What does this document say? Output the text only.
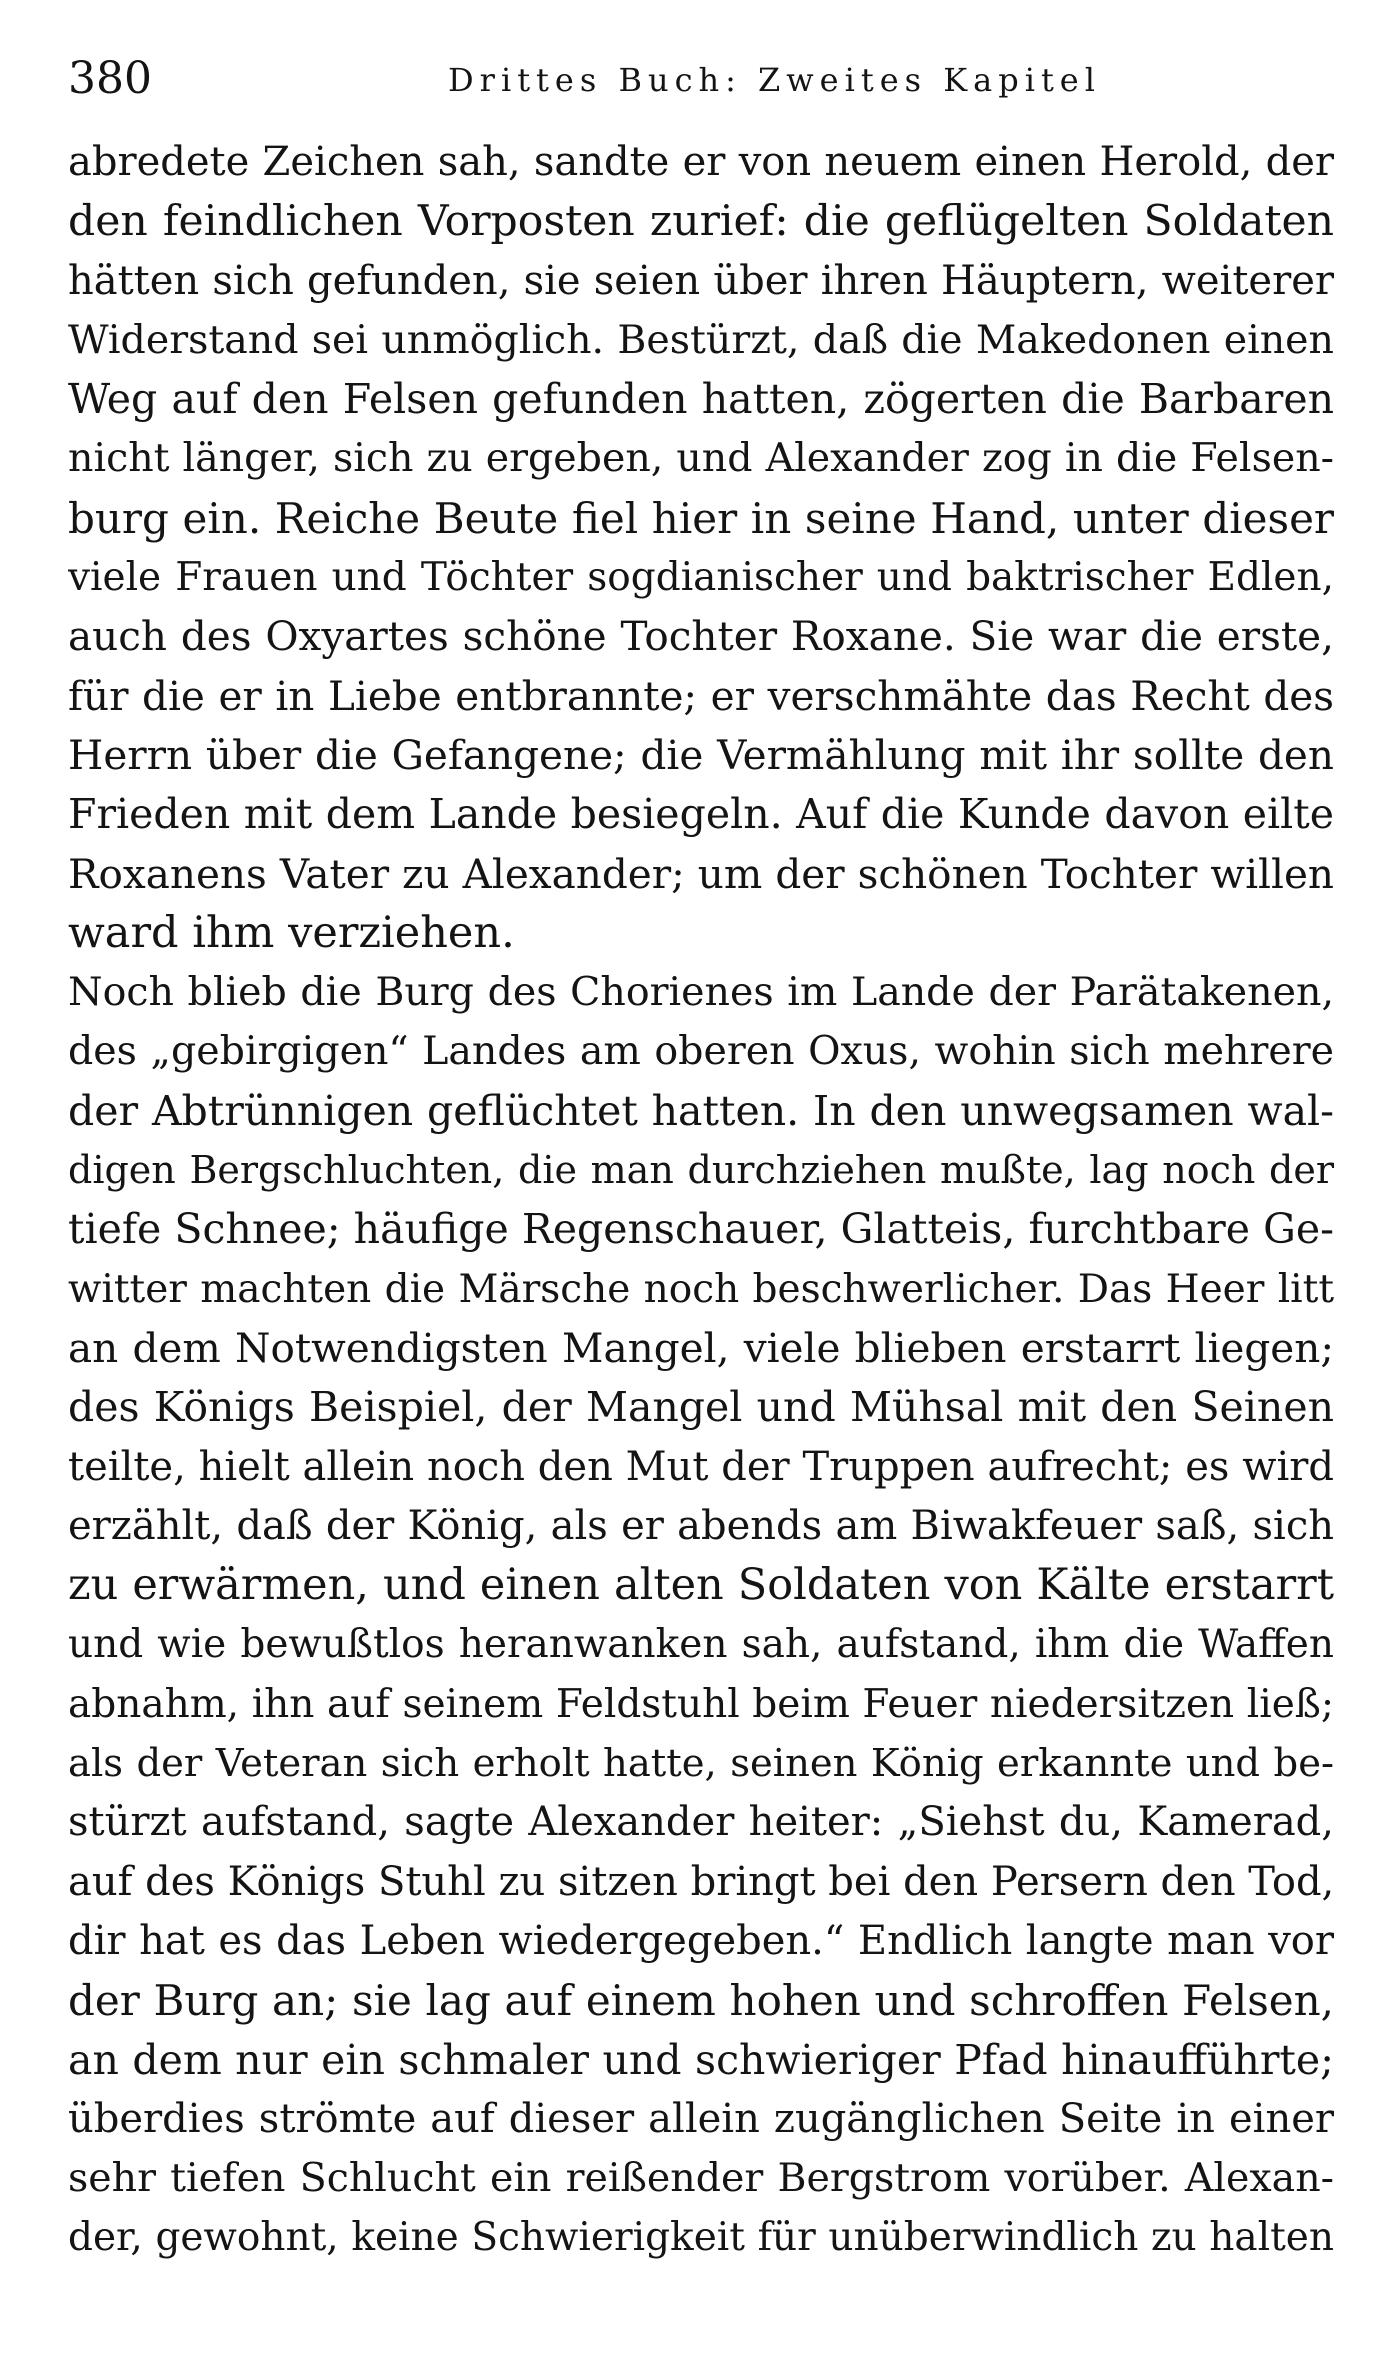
380	Drittes Buch: Zweites Kapitel
abredete Zeichen sah, sandte er von neuem einen Herold, der
den feindlichen Vorposten zurief: die geflügelten Soldaten
hätten sich gefunden, sie seien über ihren Häuptern, weiterer
Widerstand sei unmöglich. Bestürzt, daß die Makedonen einen
Weg auf den Felsen gefunden hatten, zögerten die Barbaren
nicht länger, sich zu ergeben, und Alexander zog in die Felsen-
burg ein. Reiche Beute fiel hier in seine Hand, unter dieser
viele Frauen und Töchter sogdianischer und baktrischer Edlen,
auch des Oxyartes schöne Tochter Roxane. Sie war die erste,
für die er in Liebe entbrannte; er verschmähte das Recht des
Herrn über die Gefangene; die Vermählung mit ihr sollte den
Frieden mit dem Lande besiegeln. Auf die Kunde davon eilte
Roxanens Vater zu Alexander; um der schönen Tochter willen
ward ihm verziehen.
Noch blieb die Burg des Chorienes im Lande der Parätakenen,
des „gebirgigen“ Landes am oberen Oxus, wohin sich mehrere
der Abtrünnigen geflüchtet hatten. In den unwegsamen wal-
digen Bergschluchten, die man durchziehen mußte, lag noch der
tiefe Schnee; häufige Regenschauer, Glatteis, furchtbare Ge-
witter machten die Märsche noch beschwerlicher. Das Heer litt
an dem Notwendigsten Mangel, viele blieben erstarrt liegen;
des Königs Beispiel, der Mangel und Mühsal mit den Seinen
teilte, hielt allein noch den Mut der Truppen aufrecht; es wird
erzählt, daß der König, als er abends am Biwakfeuer saß, sich
zu erwärmen, und einen alten Soldaten von Kälte erstarrt
und wie bewußtlos heranwanken sah, aufstand, ihm die Waffen
abnahm, ihn auf seinem Feldstuhl beim Feuer niedersitzen ließ;
als der Veteran sich erholt hatte, seinen König erkannte und be-
stürzt aufstand, sagte Alexander heiter: „Siehst du, Kamerad,
auf des Königs Stuhl zu sitzen bringt bei den Persern den Tod,
dir hat es das Leben wiedergegeben.“ Endlich langte man vor
der Burg an; sie lag auf einem hohen und schroffen Felsen,
an dem nur ein schmaler und schwieriger Pfad hinaufführte;
überdies strömte auf dieser allein zugänglichen Seite in einer
sehr tiefen Schlucht ein reißender Bergstrom vorüber. Alexan-
der, gewohnt, keine Schwierigkeit für unüberwindlich zu halten
